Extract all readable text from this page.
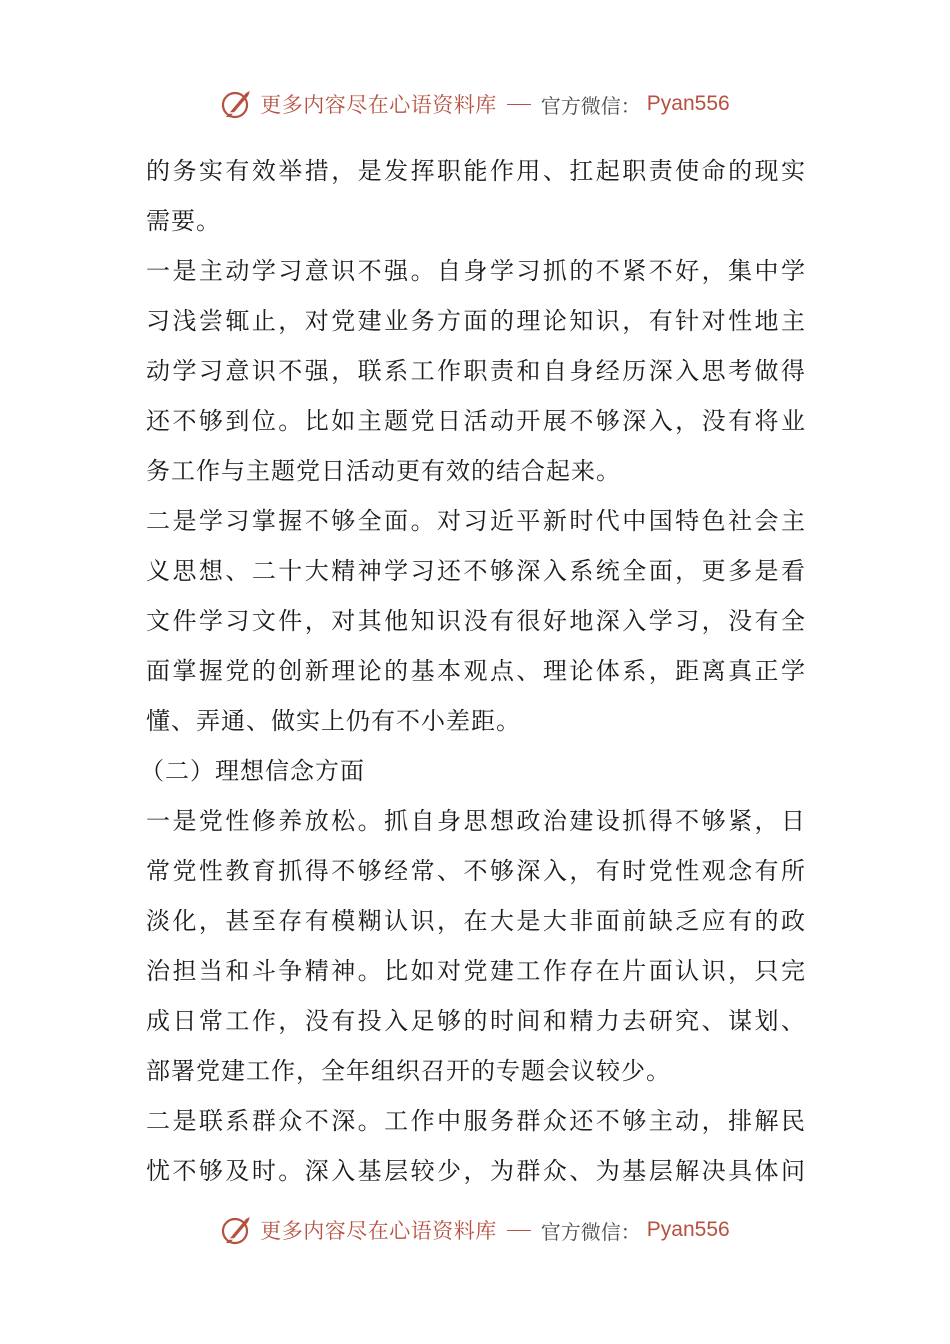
更多内容尽在心语资料库 官方微信： Pyan556
的务实有效举措，是发挥职能作用、扛起职责使命的现实
需要。
一是主动学习意识不强。自身学习抓的不紧不好，集中学
习浅尝辄止，对党建业务方面的理论知识，有针对性地主
动学习意识不强，联系工作职责和自身经历深入思考做得
还不够到位。比如主题党日活动开展不够深入，没有将业
务工作与主题党日活动更有效的结合起来。
二是学习掌握不够全面。对习近平新时代中国特色社会主
义思想、二十大精神学习还不够深入系统全面，更多是看
文件学习文件，对其他知识没有很好地深入学习，没有全
面掌握党的创新理论的基本观点、理论体系，距离真正学
懂、弄通、做实上仍有不小差距。
（二）理想信念方面
一是党性修养放松。抓自身思想政治建设抓得不够紧，日
常党性教育抓得不够经常、不够深入，有时党性观念有所
淡化，甚至存有模糊认识，在大是大非面前缺乏应有的政
治担当和斗争精神。比如对党建工作存在片面认识，只完
成日常工作，没有投入足够的时间和精力去研究、谋划、
部署党建工作，全年组织召开的专题会议较少。
二是联系群众不深。工作中服务群众还不够主动，排解民
忧不够及时。深入基层较少，为群众、为基层解决具体问
更多内容尽在心语资料库 官方微信： Pyan556
